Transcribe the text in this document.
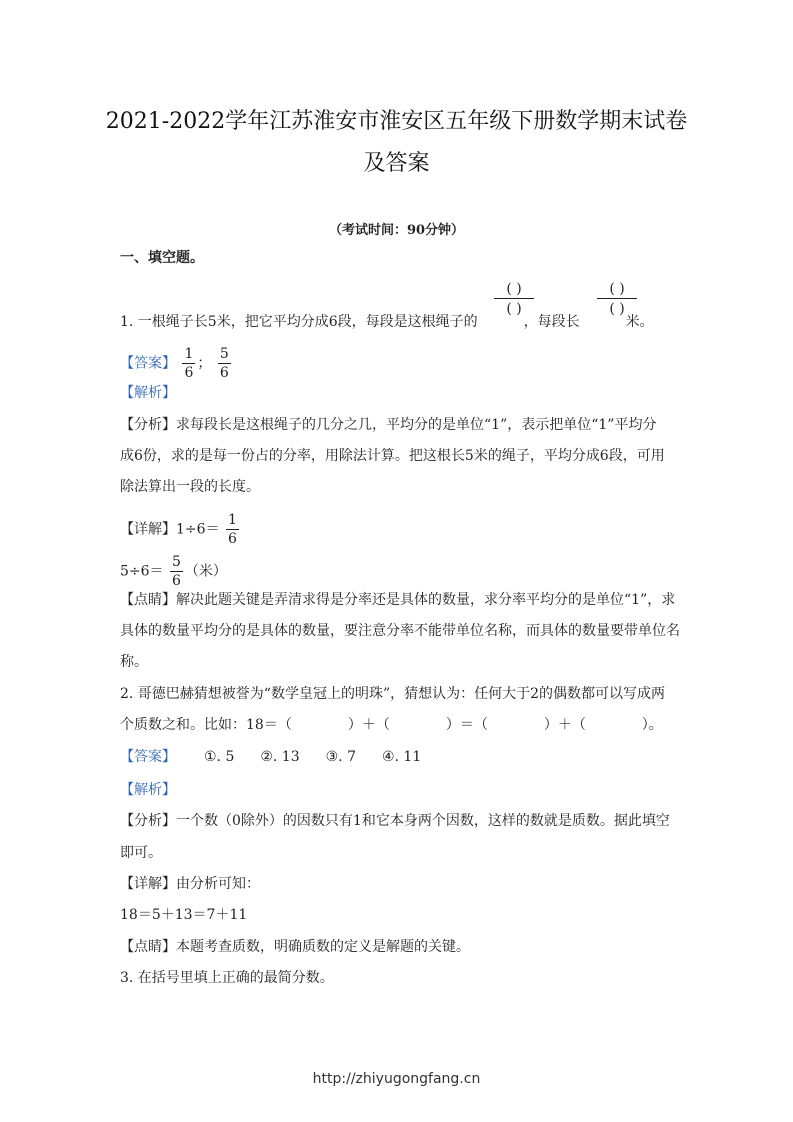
2021-2022学年江苏淮安市淮安区五年级下册数学期末试卷
及答案
（考试时间：90分钟）
一、填空题。
1. 一根绳子长5米，把它平均分成6段，每段是这根绳子的	，每段长	米。
( )
( )
( )
( )
【答案】 $\frac{1}{6}$ ； $\frac{5}{6}$
【解析】
【分析】求每段长是这根绳子的几分之几，平均分的是单位“1”，表示把单位“1”平均分
成6份，求的是每一份占的分率，用除法计算。把这根长5米的绳子，平均分成6段，可用
除法算出一段的长度。
【详解】$1\div 6= \frac{1}{6}$
$5\div 6= \frac{5}{6}$ （米）
【点睛】解决此题关键是弄清求得是分率还是具体的数量，求分率平均分的是单位“1”，求
具体的数量平均分的是具体的数量，要注意分率不能带单位名称，而具体的数量要带单位名
称。
2. 哥德巴赫猜想被誉为“数学皇冠上的明珠”，猜想认为：任何大于2的偶数都可以写成两
个质数之和。比如：18＝（　　　　）＋（　　　　）＝（　　　　）＋（　　　　）。
【答案】 ①. 5 ②. 13 ③. 7 ④. 11
【解析】
【分析】一个数（0除外）的因数只有1和它本身两个因数，这样的数就是质数。据此填空
即可。
【详解】由分析可知：
18＝5＋13＝7＋11
【点睛】本题考查质数，明确质数的定义是解题的关键。
3. 在括号里填上正确的最简分数。
http://zhiyugongfang.cn
